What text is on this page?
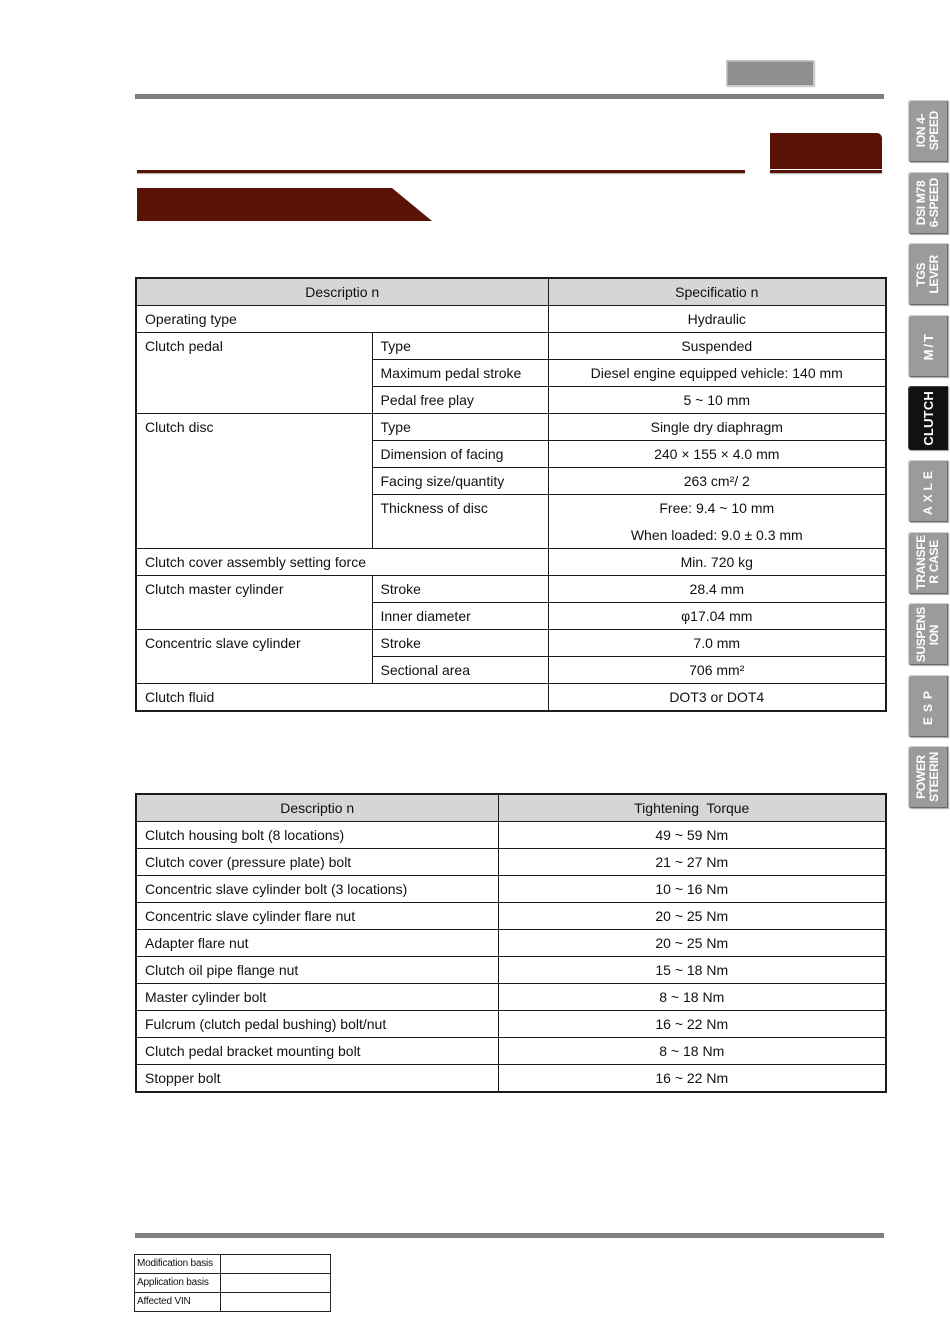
Descriptio n		Specificatio n
Operating type		Hydraulic
Clutch pedal	Type	Suspended
	Maximum pedal stroke	Diesel engine equipped vehicle: 140 mm
	Pedal free play	5 ~ 10 mm
Clutch disc	Type	Single dry diaphragm
	Dimension of facing	240 × 155 × 4.0 mm
	Facing size/quantity	263 cm²/ 2
	Thickness of disc	Free: 9.4 ~ 10 mm
When loaded: 9.0 ± 0.3 mm

Clutch cover assembly setting force		Min. 720 kg
Clutch master cylinder	Stroke	28.4 mm
	Inner diameter	φ17.04 mm
Concentric slave cylinder	Stroke	7.0 mm
	Sectional area	706 mm²
Clutch fluid		DOT3 or DOT4
Descriptio n	Tightening  Torque
Clutch housing bolt (8 locations)	49 ~ 59 Nm
Clutch cover (pressure plate) bolt	21 ~ 27 Nm
Concentric slave cylinder bolt (3 locations)	10 ~ 16 Nm
Concentric slave cylinder flare nut	20 ~ 25 Nm
Adapter flare nut	20 ~ 25 Nm
Clutch oil pipe flange nut	15 ~ 18 Nm
Master cylinder bolt	8 ~ 18 Nm
Fulcrum (clutch pedal bushing) bolt/nut	16 ~ 22 Nm
Clutch pedal bracket mounting bolt	8 ~ 18 Nm
Stopper bolt	16 ~ 22 Nm
Modification basis	
Application basis	
Affected VIN	
ION 4- SPEED
DSI M78 6-SPEED
TGS LEVER
M/T
CLUTCH
AXLE
TRANSFE R CASE
SUSPENS ION
ESP
POWER STEERIN
